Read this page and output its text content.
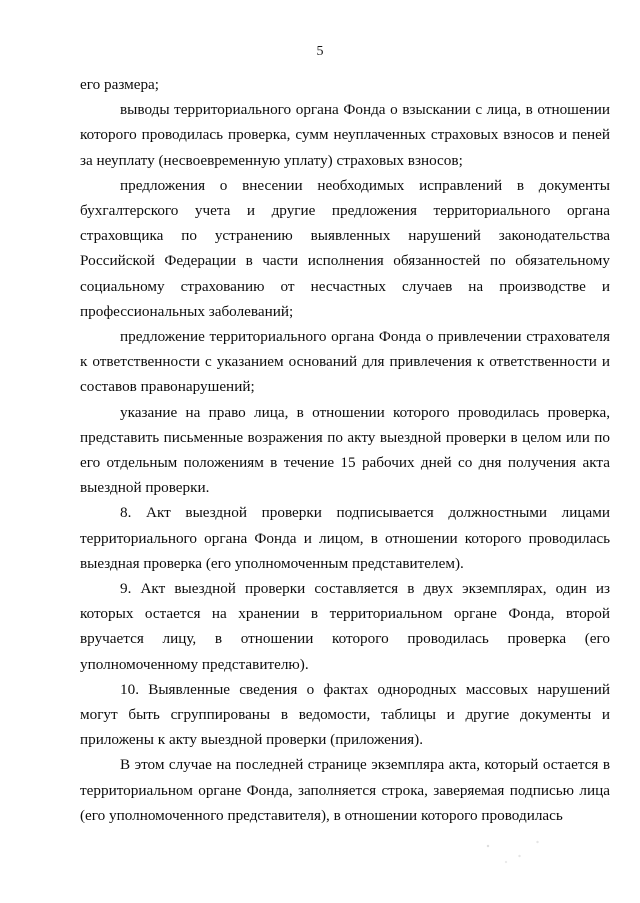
5

его размера;

выводы территориального органа Фонда о взыскании с лица, в отношении которого проводилась проверка, сумм неуплаченных страховых взносов и пеней за неуплату (несвоевременную уплату) страховых взносов;

предложения о внесении необходимых исправлений в документы бухгалтерского учета и другие предложения территориального органа страховщика по устранению выявленных нарушений законодательства Российской Федерации в части исполнения обязанностей по обязательному социальному страхованию от несчастных случаев на производстве и профессиональных заболеваний;

предложение территориального органа Фонда о привлечении страхователя к ответственности с указанием оснований для привлечения к ответственности и составов правонарушений;

указание на право лица, в отношении которого проводилась проверка, представить письменные возражения по акту выездной проверки в целом или по его отдельным положениям в течение 15 рабочих дней со дня получения акта выездной проверки.

8. Акт выездной проверки подписывается должностными лицами территориального органа Фонда и лицом, в отношении которого проводилась выездная проверка (его уполномоченным представителем).

9. Акт выездной проверки составляется в двух экземплярах, один из которых остается на хранении в территориальном органе Фонда, второй вручается лицу, в отношении которого проводилась проверка (его уполномоченному представителю).

10. Выявленные сведения о фактах однородных массовых нарушений могут быть сгруппированы в ведомости, таблицы и другие документы и приложены к акту выездной проверки (приложения).

В этом случае на последней странице экземпляра акта, который остается в территориальном органе Фонда, заполняется строка, заверяемая подписью лица (его уполномоченного представителя), в отношении которого проводилась
